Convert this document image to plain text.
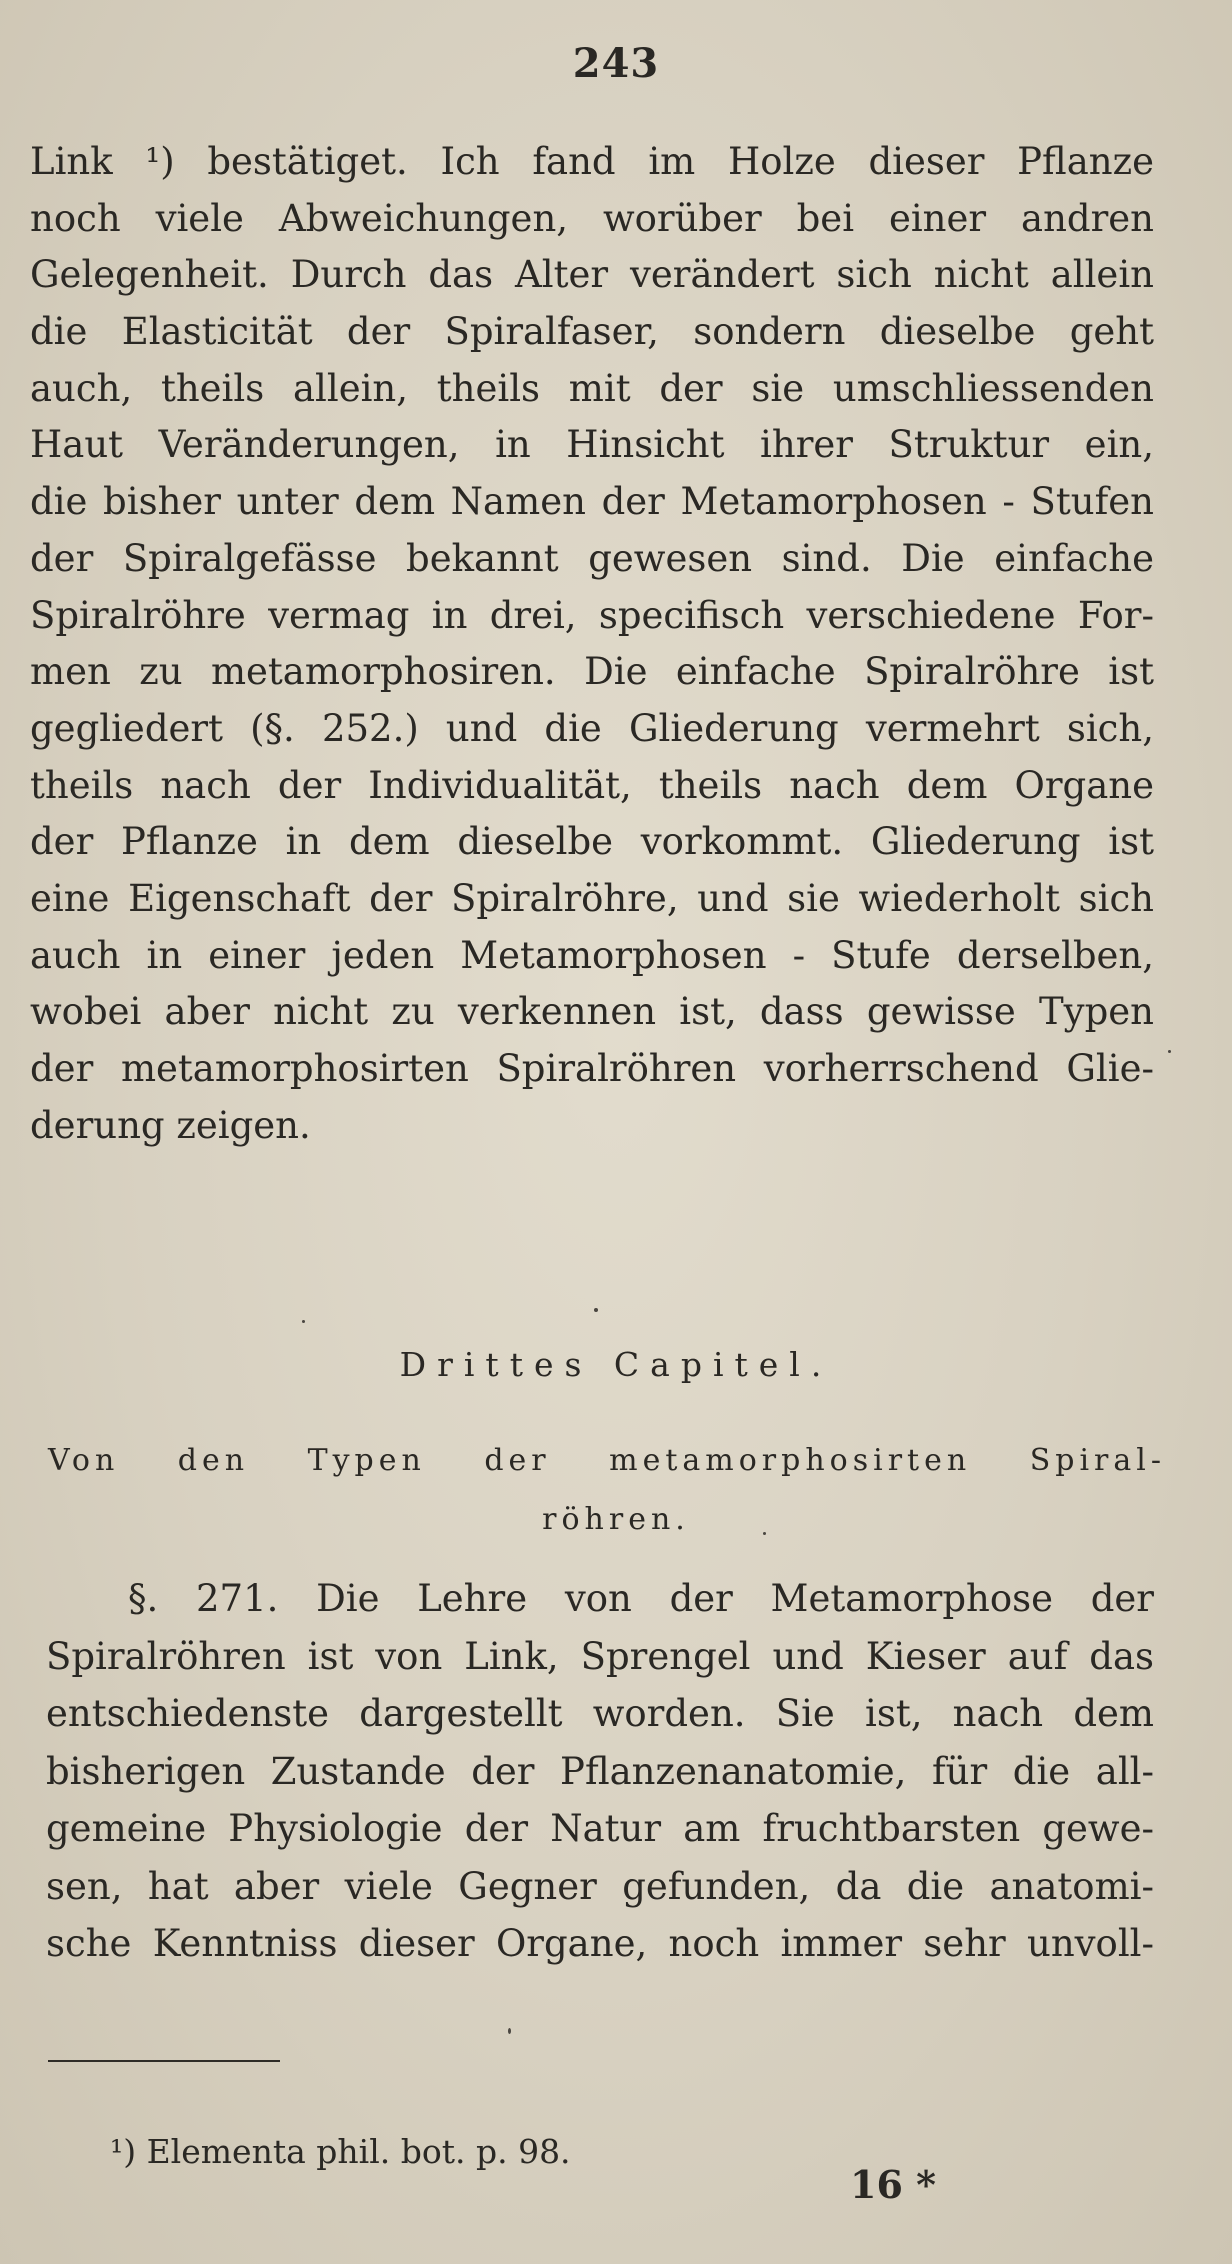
243
Link ¹) bestätiget. Ich fand im Holze dieser Pflanze
noch viele Abweichungen, worüber bei einer andren
Gelegenheit. Durch das Alter verändert sich nicht allein
die Elasticität der Spiralfaser, sondern dieselbe geht
auch, theils allein, theils mit der sie umschliessenden
Haut Veränderungen, in Hinsicht ihrer Struktur ein,
die bisher unter dem Namen der Metamorphosen - Stufen
der Spiralgefässe bekannt gewesen sind. Die einfache
Spiralröhre vermag in drei, specifisch verschiedene For-
men zu metamorphosiren. Die einfache Spiralröhre ist
gegliedert (§. 252.) und die Gliederung vermehrt sich,
theils nach der Individualität, theils nach dem Organe
der Pflanze in dem dieselbe vorkommt. Gliederung ist
eine Eigenschaft der Spiralröhre, und sie wiederholt sich
auch in einer jeden Metamorphosen - Stufe derselben,
wobei aber nicht zu verkennen ist, dass gewisse Typen
der metamorphosirten Spiralröhren vorherrschend Glie-
derung zeigen.
Drittes Capitel.
Von den Typen der metamorphosirten Spiral-
röhren.
§. 271. Die Lehre von der Metamorphose der
Spiralröhren ist von Link, Sprengel und Kieser auf das
entschiedenste dargestellt worden. Sie ist, nach dem
bisherigen Zustande der Pflanzenanatomie, für die all-
gemeine Physiologie der Natur am fruchtbarsten gewe-
sen, hat aber viele Gegner gefunden, da die anatomi-
sche Kenntniss dieser Organe, noch immer sehr unvoll-
¹) Elementa phil. bot. p. 98.
16 *
